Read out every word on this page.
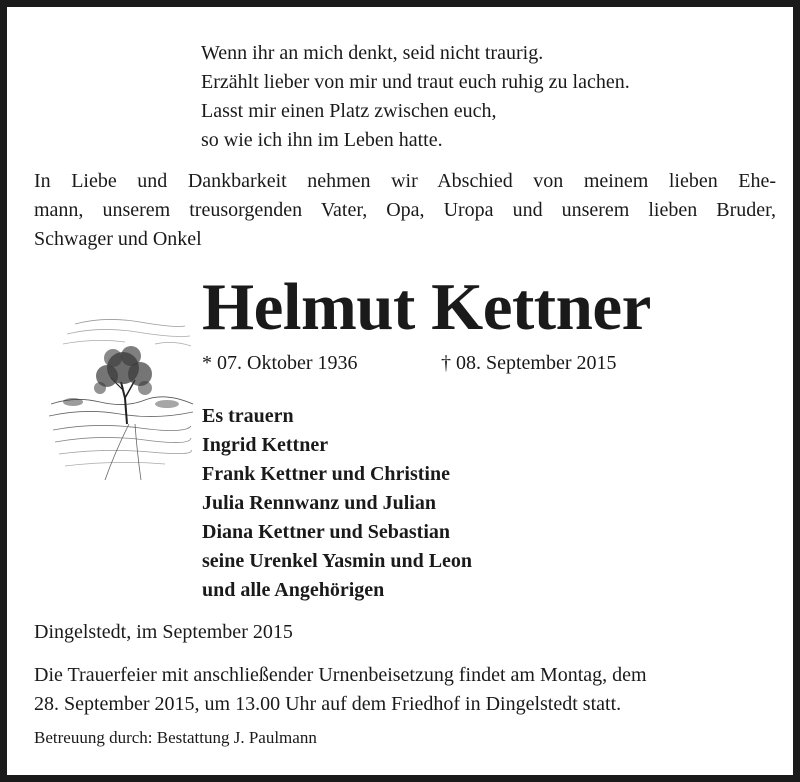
Wenn ihr an mich denkt, seid nicht traurig.
Erzählt lieber von mir und traut euch ruhig zu lachen.
Lasst mir einen Platz zwischen euch,
so wie ich ihn im Leben hatte.
In Liebe und Dankbarkeit nehmen wir Abschied von meinem lieben Ehe-
mann, unserem treusorgenden Vater, Opa, Uropa und unserem lieben Bruder,
Schwager und Onkel
Helmut Kettner
* 07. Oktober 1936	† 08. September 2015
Es trauern
Ingrid Kettner
Frank Kettner und Christine
Julia Rennwanz und Julian
Diana Kettner und Sebastian
seine Urenkel Yasmin und Leon
und alle Angehörigen
Dingelstedt, im September 2015
Die Trauerfeier mit anschließender Urnenbeisetzung findet am Montag, dem
28. September 2015, um 13.00 Uhr auf dem Friedhof in Dingelstedt statt.
Betreuung durch: Bestattung J. Paulmann
